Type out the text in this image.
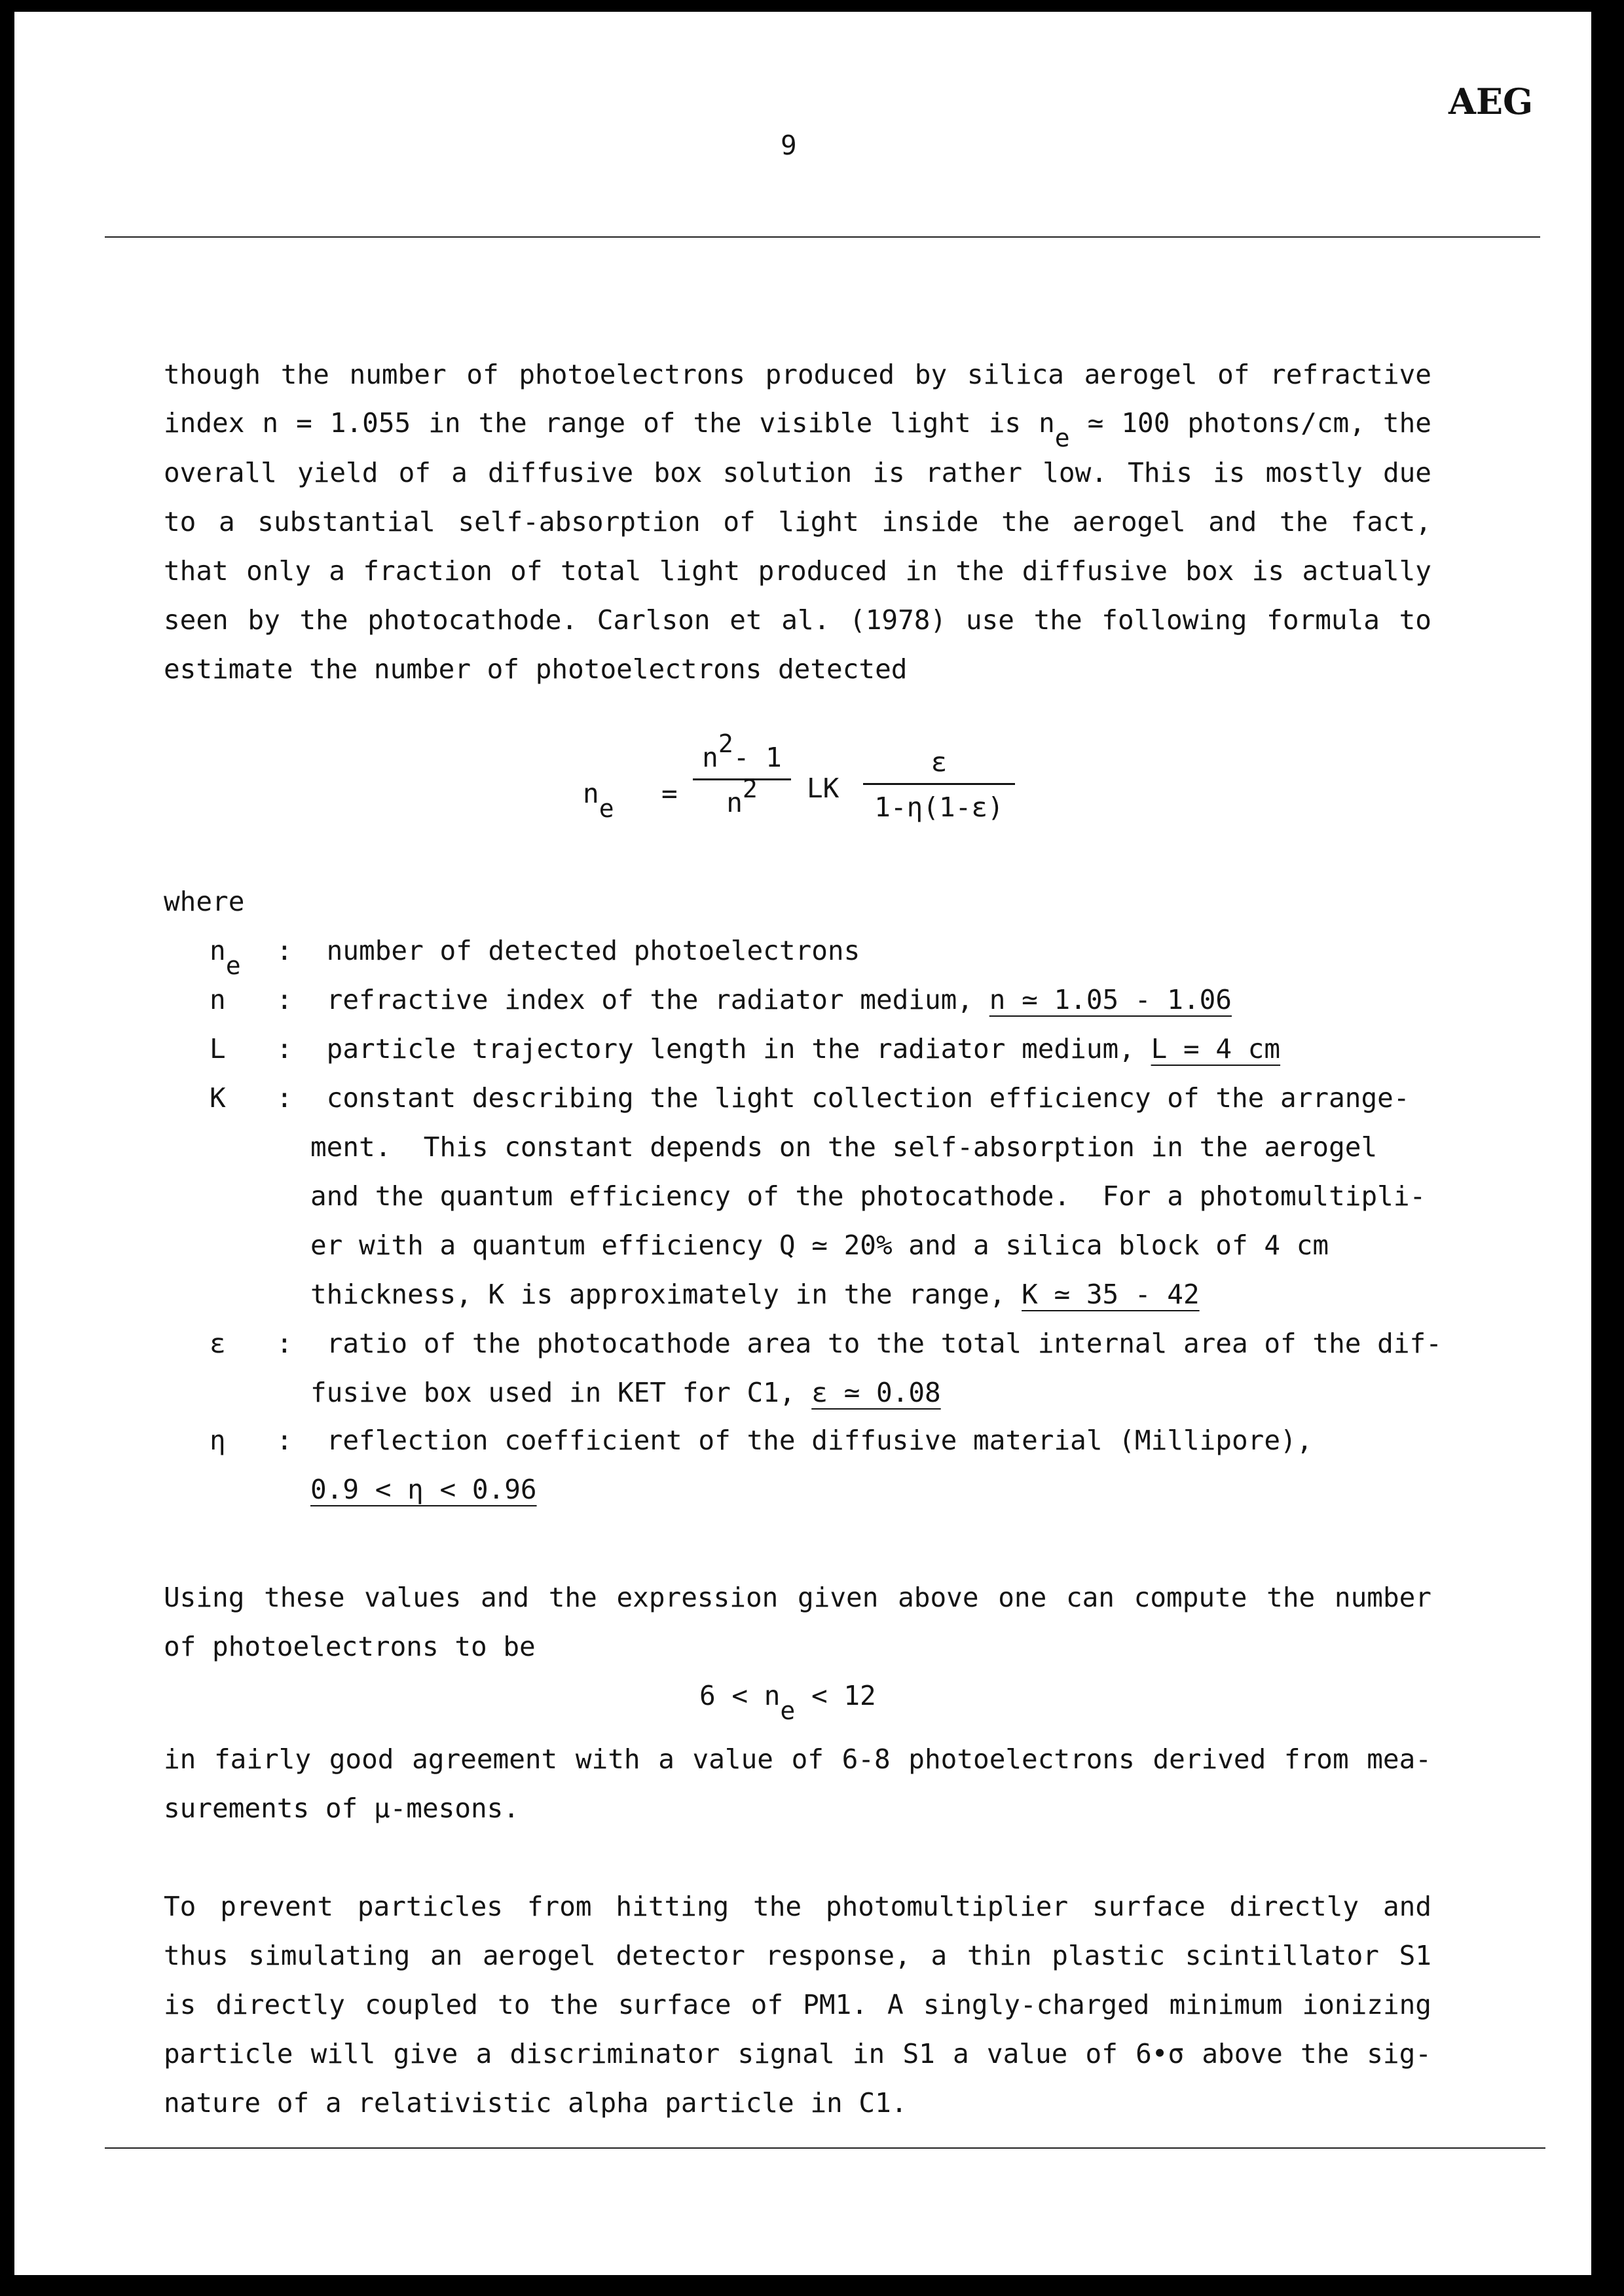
AEG
9
though the number of photoelectrons produced by silica aerogel of refractive
index n = 1.055 in the range of the visible light is $n_e$ ≃ 100 photons/cm, the
overall yield of a diffusive box solution is rather low. This is mostly due
to a substantial self-absorption of light inside the aerogel and the fact,
that only a fraction of total light produced in the diffusive box is actually
seen by the photocathode. Carlson et al. (1978) use the following formula to
estimate the number of photoelectrons detected
$n_e = \frac{n^2- 1}{n^2}$ LK $\frac{\varepsilon}{1-\eta(1-\varepsilon)}$
where
$n_e$ : number of detected photoelectrons
n : refractive index of the radiator medium, n ≃ 1.05 - 1.06
L : particle trajectory length in the radiator medium, L = 4 cm
K : constant describing the light collection efficiency of the arrange-
ment.  This constant depends on the self-absorption in the aerogel
and the quantum efficiency of the photocathode.  For a photomultipli-
er with a quantum efficiency Q ≃ 20% and a silica block of 4 cm
thickness, K is approximately in the range, K ≃ 35 - 42
ε : ratio of the photocathode area to the total internal area of the dif-
fusive box used in KET for C1, ε ≃ 0.08
η : reflection coefficient of the diffusive material (Millipore),
0.9 < η < 0.96
Using these values and the expression given above one can compute the number
of photoelectrons to be
$6 < n_e < 12$
in fairly good agreement with a value of 6-8 photoelectrons derived from mea-
surements of μ-mesons.
To prevent particles from hitting the photomultiplier surface directly and
thus simulating an aerogel detector response, a thin plastic scintillator S1
is directly coupled to the surface of PM1. A singly-charged minimum ionizing
particle will give a discriminator signal in S1 a value of 6•σ above the sig-
nature of a relativistic alpha particle in C1.
